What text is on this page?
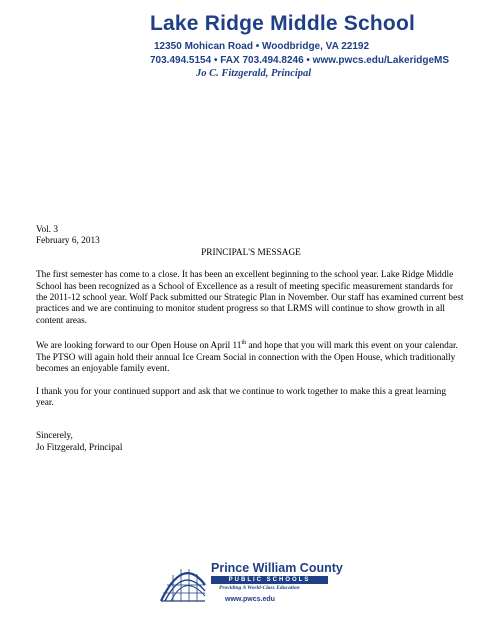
Lake Ridge Middle School
12350 Mohican Road • Woodbridge, VA 22192
703.494.5154 • FAX 703.494.8246 • www.pwcs.edu/LakeridgeMS
Jo C. Fitzgerald, Principal

Vol. 3

February 6, 2013

PRINCIPAL'S MESSAGE

The first semester has come to a close. It has been an excellent beginning to the school year. Lake Ridge Middle School has been recognized as a School of Excellence as a result of meeting specific measurement standards for the 2011-12 school year. Wolf Pack submitted our Strategic Plan in November. Our staff has examined current best practices and we are continuing to monitor student progress so that LRMS will continue to show growth in all content areas.

We are looking forward to our Open House on April 11th and hope that you will mark this event on your calendar. The PTSO will again hold their annual Ice Cream Social in connection with the Open House, which traditionally becomes an enjoyable family event.

I thank you for your continued support and ask that we continue to work together to make this a great learning year.

Sincerely,

Jo Fitzgerald, Principal

Prince William County
PUBLIC SCHOOLS
Providing A World-Class Education
www.pwcs.edu
